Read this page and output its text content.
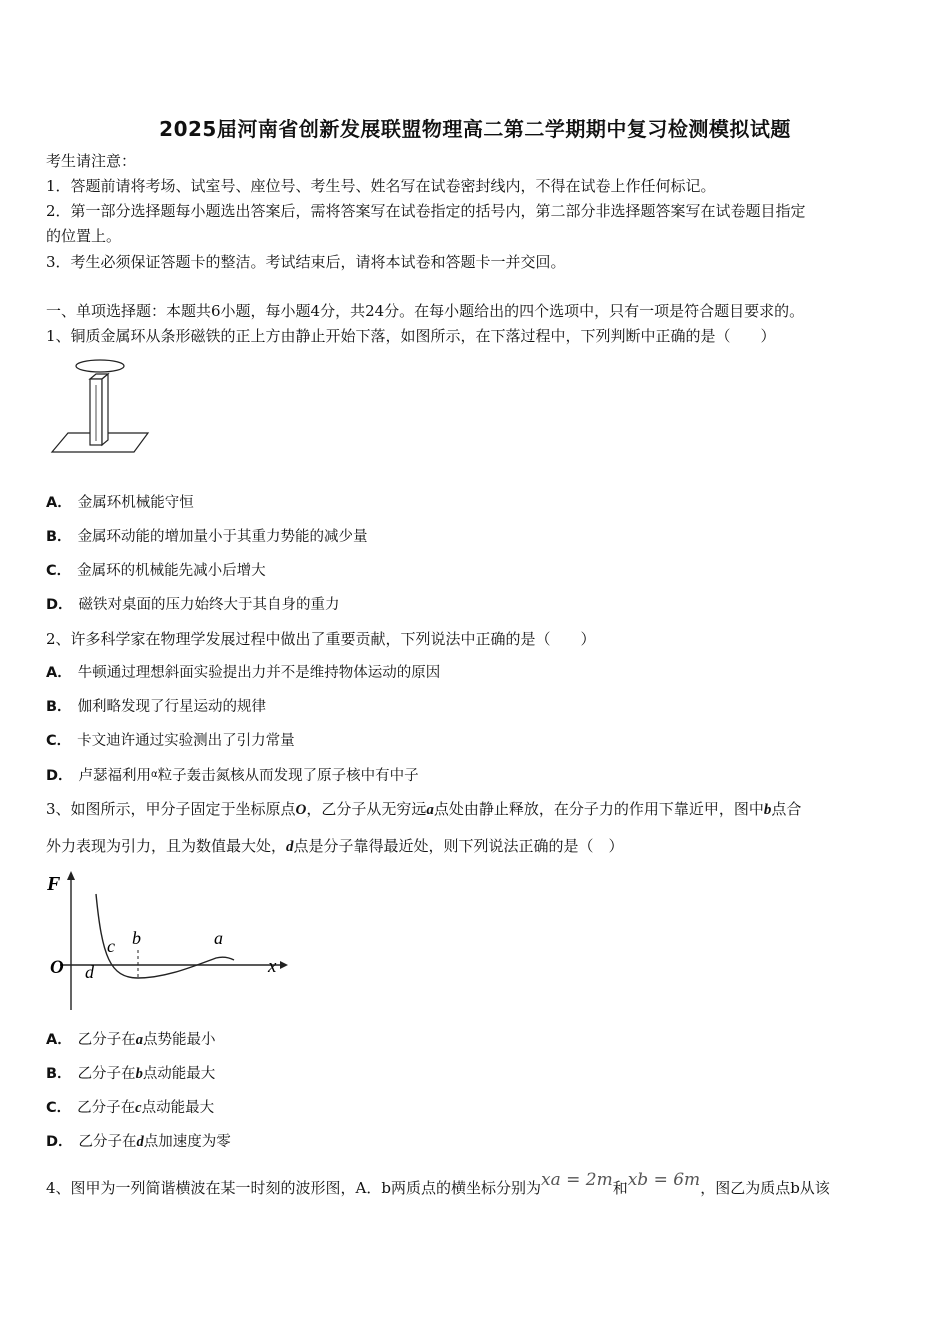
2025届河南省创新发展联盟物理高二第二学期期中复习检测模拟试题
考生请注意：
1．答题前请将考场、试室号、座位号、考生号、姓名写在试卷密封线内，不得在试卷上作任何标记。
2．第一部分选择题每小题选出答案后，需将答案写在试卷指定的括号内，第二部分非选择题答案写在试卷题目指定
的位置上。
3．考生必须保证答题卡的整洁。考试结束后，请将本试卷和答题卡一并交回。
一、单项选择题：本题共6小题，每小题4分，共24分。在每小题给出的四个选项中，只有一项是符合题目要求的。
1、铜质金属环从条形磁铁的正上方由静止开始下落，如图所示，在下落过程中，下列判断中正确的是（　　）
A． 金属环机械能守恒
B． 金属环动能的增加量小于其重力势能的减少量
C． 金属环的机械能先减小后增大
D． 磁铁对桌面的压力始终大于其自身的重力
2、许多科学家在物理学发展过程中做出了重要贡献，下列说法中正确的是（　　）
A． 牛顿通过理想斜面实验提出力并不是维持物体运动的原因
B． 伽利略发现了行星运动的规律
C． 卡文迪许通过实验测出了引力常量
D． 卢瑟福利用$^\alpha$粒子轰击氮核从而发现了原子核中有中子
3、如图所示，甲分子固定于坐标原点O，乙分子从无穷远a点处由静止释放，在分子力的作用下靠近甲，图中b点合
外力表现为引力，且为数值最大处，d点是分子靠得最近处，则下列说法正确的是（　）
F
O	x
a
b
c
d
A． 乙分子在a点势能最小
B． 乙分子在b点动能最大
C． 乙分子在c点动能最大
D． 乙分子在d点加速度为零
4、图甲为一列简谐横波在某一时刻的波形图，A．b两质点的横坐标分别为xa = 2m和xb = 6m，图乙为质点b从该
